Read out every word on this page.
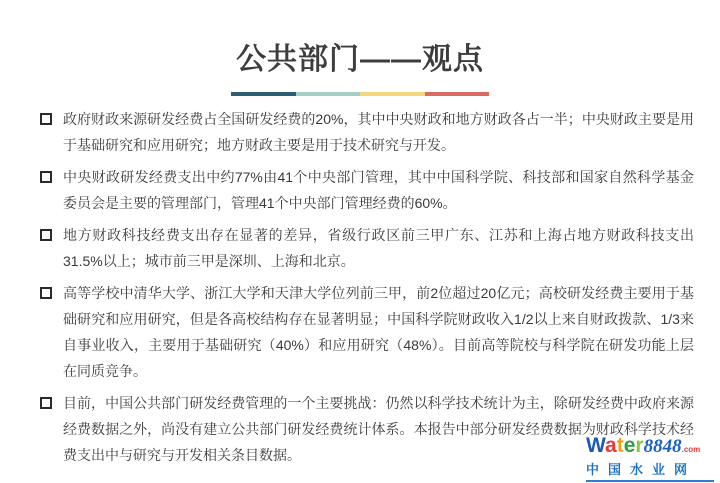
公共部门——观点
政府财政来源研发经费占全国研发经费的20%，其中中央财政和地方财政各占一半；中央财政主要是用于基础研究和应用研究；地方财政主要是用于技术研究与开发。
中央财政研发经费支出中约77%由41个中央部门管理，其中中国科学院、科技部和国家自然科学基金委员会是主要的管理部门，管理41个中央部门管理经费的60%。
地方财政科技经费支出存在显著的差异，省级行政区前三甲广东、江苏和上海占地方财政科技支出31.5%以上；城市前三甲是深圳、上海和北京。
高等学校中清华大学、浙江大学和天津大学位列前三甲，前2位超过20亿元；高校研发经费主要用于基础研究和应用研究，但是各高校结构存在显著明显；中国科学院财政收入1/2以上来自财政拨款、1/3来自事业收入，主要用于基础研究（40%）和应用研究（48%）。目前高等院校与科学院在研发功能上层在同质竞争。
目前，中国公共部门研发经费管理的一个主要挑战：仍然以科学技术统计为主，除研发经费中政府来源经费数据之外，尚没有建立公共部门研发经费统计体系。本报告中部分研发经费数据为财政科学技术经费支出中与研究与开发相关条目数据。	Water8848.com
中国水业网
